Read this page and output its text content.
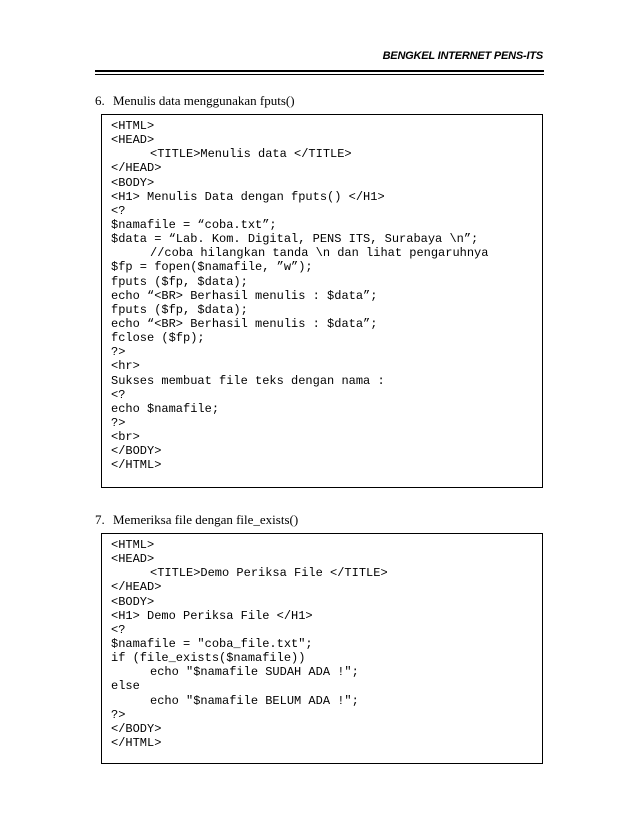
BENGKEL INTERNET PENS-ITS
6. Menulis data menggunakan fputs()
<HTML>
<HEAD>
<TITLE>Menulis data </TITLE>
</HEAD>
<BODY>
<H1> Menulis Data dengan fputs() </H1>
<?
$namafile = “coba.txt”;
$data = “Lab. Kom. Digital, PENS ITS, Surabaya \n”;
//coba hilangkan tanda \n dan lihat pengaruhnya
$fp = fopen($namafile, ”w”);
fputs ($fp, $data);
echo “<BR> Berhasil menulis : $data”;
fputs ($fp, $data);
echo “<BR> Berhasil menulis : $data”;
fclose ($fp);
?>
<hr>
Sukses membuat file teks dengan nama :
<?
echo $namafile;
?>
<br>
</BODY>
</HTML>
7. Memeriksa file dengan file_exists()
<HTML>
<HEAD>
<TITLE>Demo Periksa File </TITLE>
</HEAD>
<BODY>
<H1> Demo Periksa File </H1>
<?
$namafile = "coba_file.txt";
if (file_exists($namafile))
echo "$namafile SUDAH ADA !";
else
echo "$namafile BELUM ADA !";
?>
</BODY>
</HTML>
